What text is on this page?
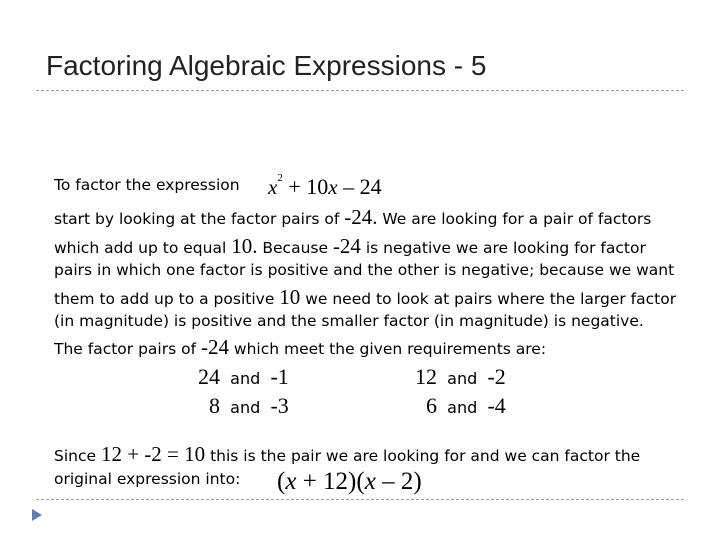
Factoring Algebraic Expressions - 5
To factor the expression $x^2 + 10x - 24$
start by looking at the factor pairs of -24. We are looking for a pair of factors
which add up to equal 10. Because -24 is negative we are looking for factor
pairs in which one factor is positive and the other is negative; because we want
them to add up to a positive 10 we need to look at pairs where the larger factor
(in magnitude) is positive and the smaller factor (in magnitude) is negative.
The factor pairs of -24 which meet the given requirements are:
24 and -1	12 and -2
8 and -3	6 and -4
Since 12 + -2 = 10 this is the pair we are looking for and we can factor the
original expression into: (x + 12)(x – 2)
